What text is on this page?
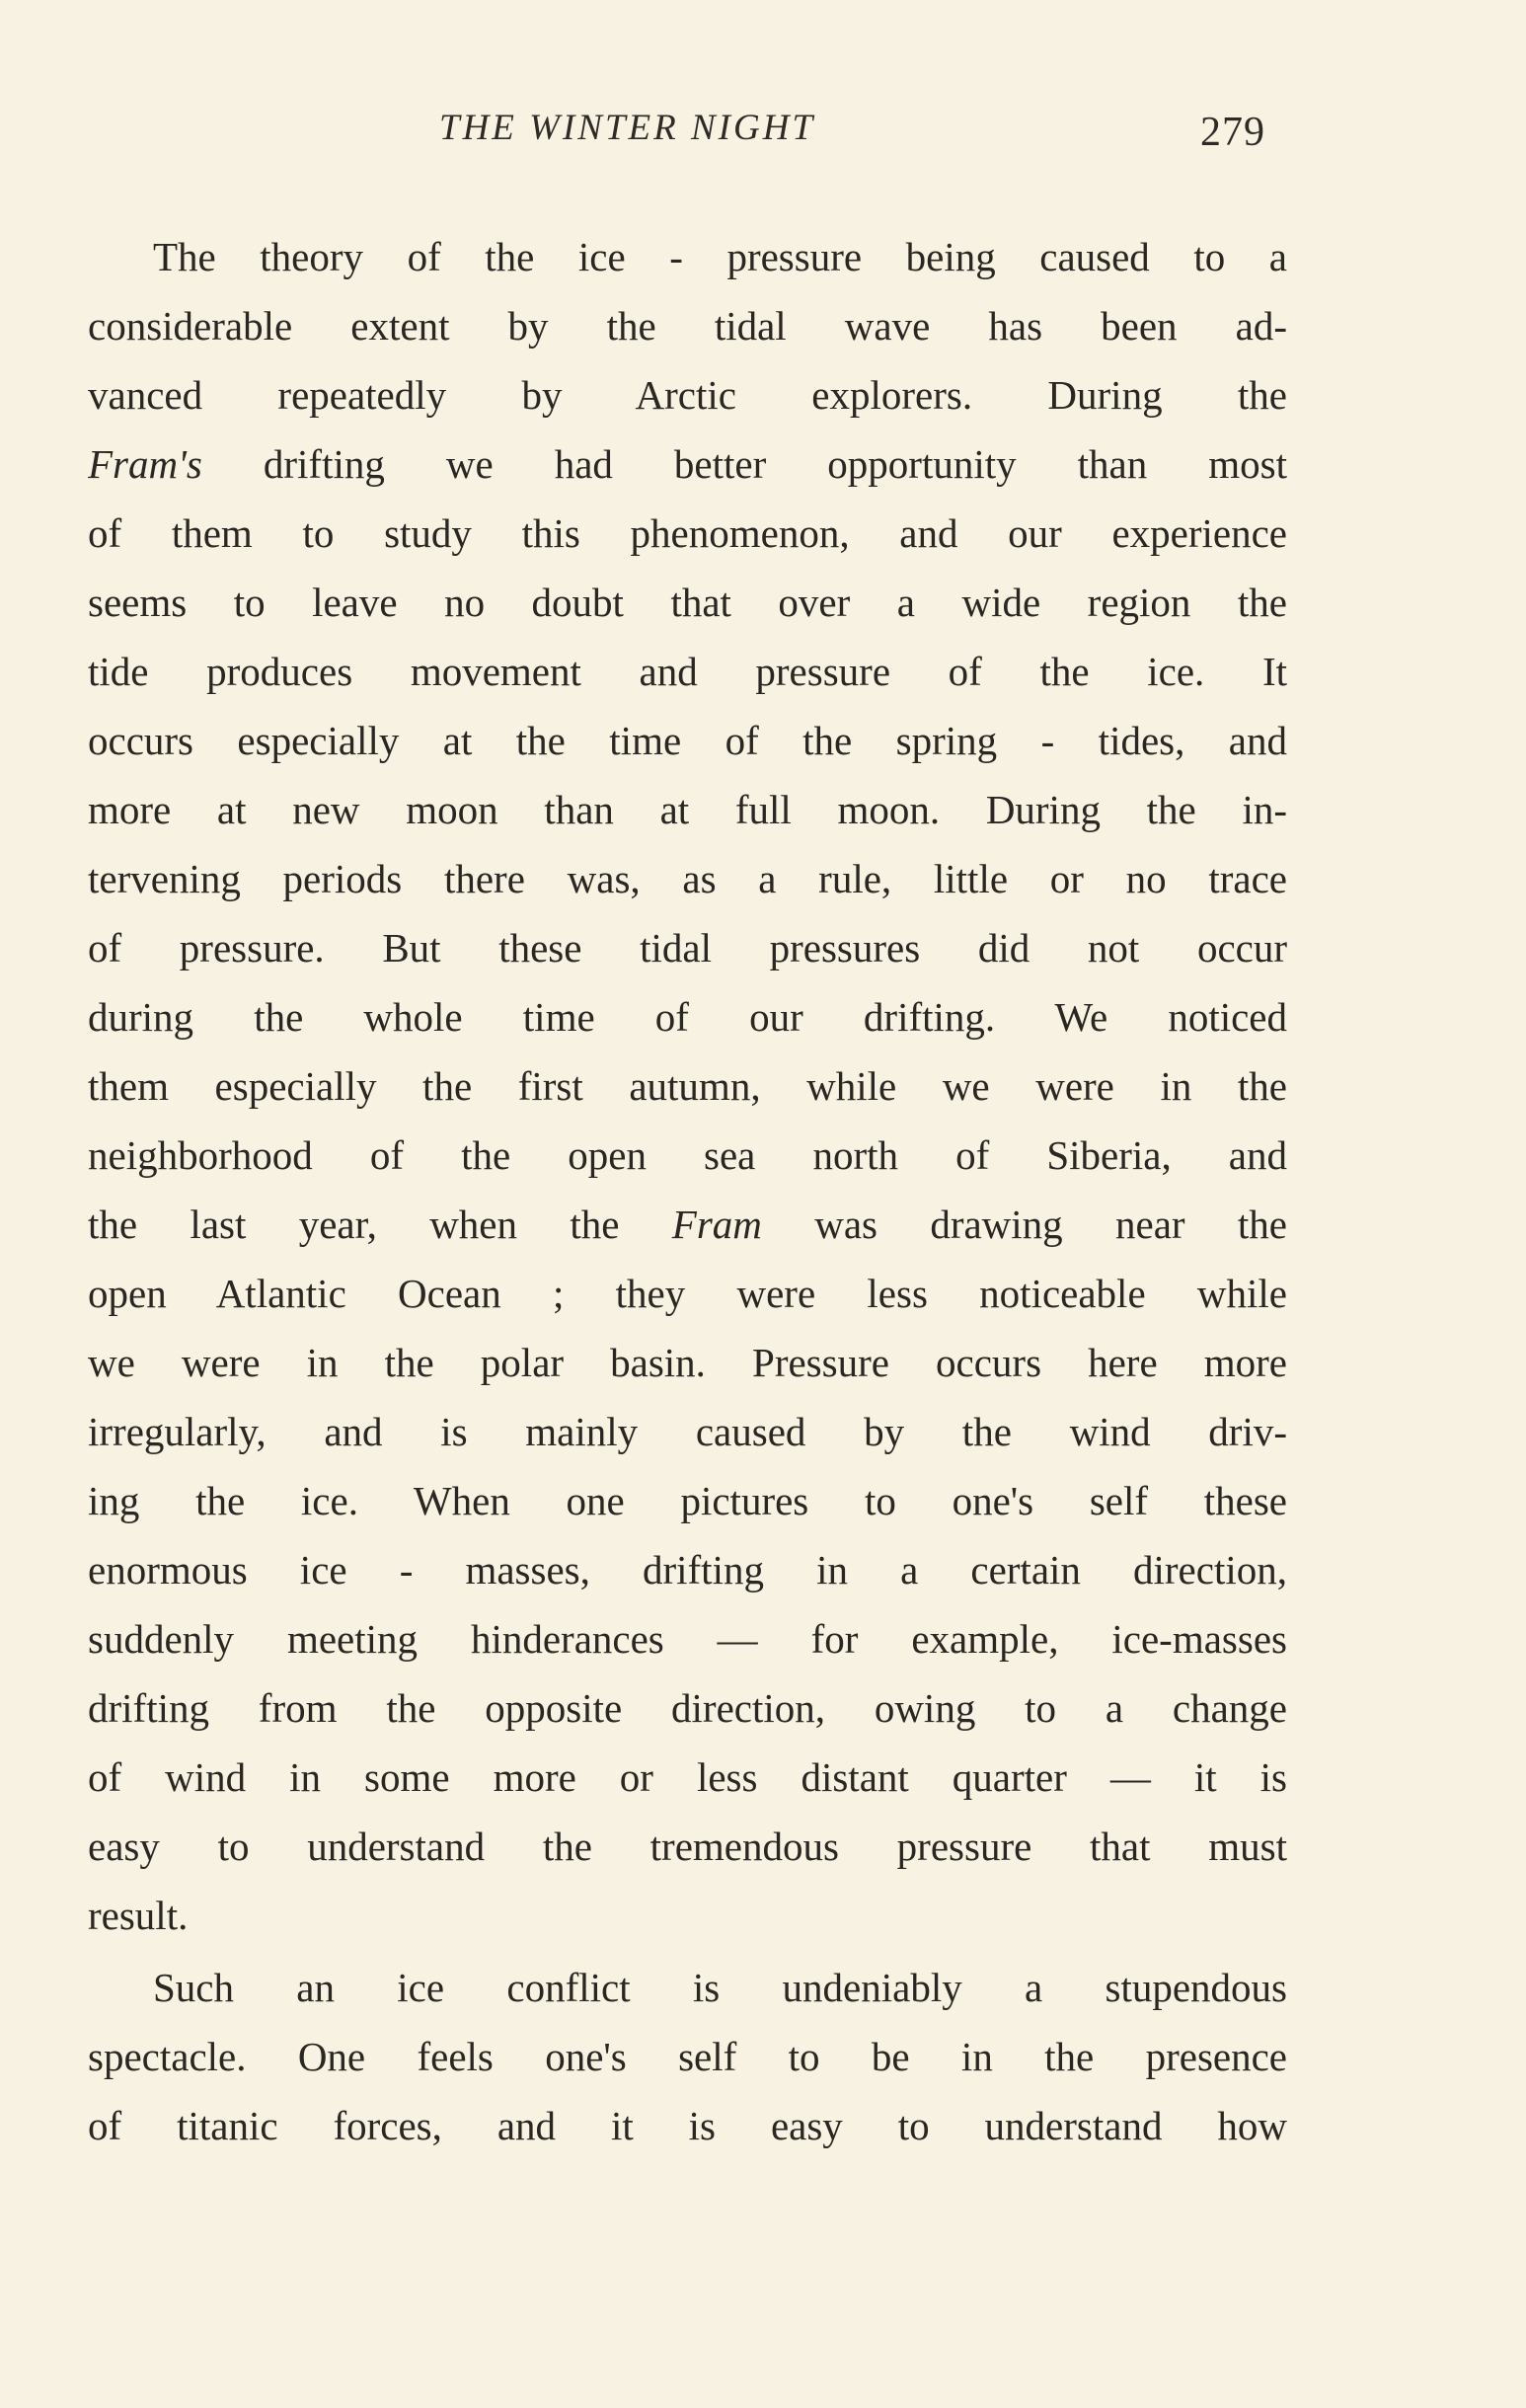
THE WINTER NIGHT	279
The theory of the ice - pressure being caused to a
considerable extent by the tidal wave has been ad-
vanced repeatedly by Arctic explorers. During the
Fram's drifting we had better opportunity than most
of them to study this phenomenon, and our experience
seems to leave no doubt that over a wide region the
tide produces movement and pressure of the ice. It
occurs especially at the time of the spring - tides, and
more at new moon than at full moon. During the in-
tervening periods there was, as a rule, little or no trace
of pressure. But these tidal pressures did not occur
during the whole time of our drifting. We noticed
them especially the first autumn, while we were in the
neighborhood of the open sea north of Siberia, and
the last year, when the Fram was drawing near the
open Atlantic Ocean ; they were less noticeable while
we were in the polar basin. Pressure occurs here more
irregularly, and is mainly caused by the wind driv-
ing the ice. When one pictures to one's self these
enormous ice - masses, drifting in a certain direction,
suddenly meeting hinderances — for example, ice-masses
drifting from the opposite direction, owing to a change
of wind in some more or less distant quarter — it is
easy to understand the tremendous pressure that must
result.
Such an ice conflict is undeniably a stupendous
spectacle. One feels one's self to be in the presence
of titanic forces, and it is easy to understand how
